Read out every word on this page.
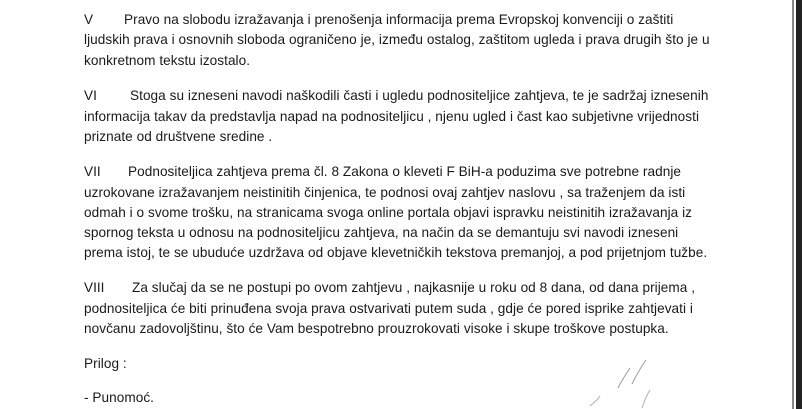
V Pravo na slobodu izražavanja i prenošenja informacija prema Evropskoj konvenciji o zaštiti
ljudskih prava i osnovnih sloboda ograničeno je, između ostalog, zaštitom ugleda i prava drugih što je u
konkretnom tekstu izostalo.
VI Stoga su izneseni navodi naškodili časti i ugledu podnositeljice zahtjeva, te je sadržaj iznesenih
informacija takav da predstavlja napad na podnositeljicu , njenu ugled i čast kao subjetivne vrijednosti
priznate od društvene sredine .
VII Podnositeljica zahtjeva prema čl. 8 Zakona o kleveti F BiH-a poduzima sve potrebne radnje
uzrokovane izražavanjem neistinitih činjenica, te podnosi ovaj zahtjev naslovu , sa traženjem da isti
odmah i o svome trošku, na stranicama svoga online portala objavi ispravku neistinitih izražavanja iz
spornog teksta u odnosu na podnositeljicu zahtjeva, na način da se demantuju svi navodi izneseni
prema istoj, te se ubuduće uzdržava od objave klevetničkih tekstova premanjoj, a pod prijetnjom tužbe.
VIII Za slučaj da se ne postupi po ovom zahtjevu , najkasnije u roku od 8 dana, od dana prijema ,
podnositeljica će biti prinuđena svoja prava ostvarivati putem suda , gdje će pored isprike zahtjevati i
novčanu zadovoljštinu, što će Vam bespotrebno prouzrokovati visoke i skupe troškove postupka.
Prilog :
- Punomoć.
